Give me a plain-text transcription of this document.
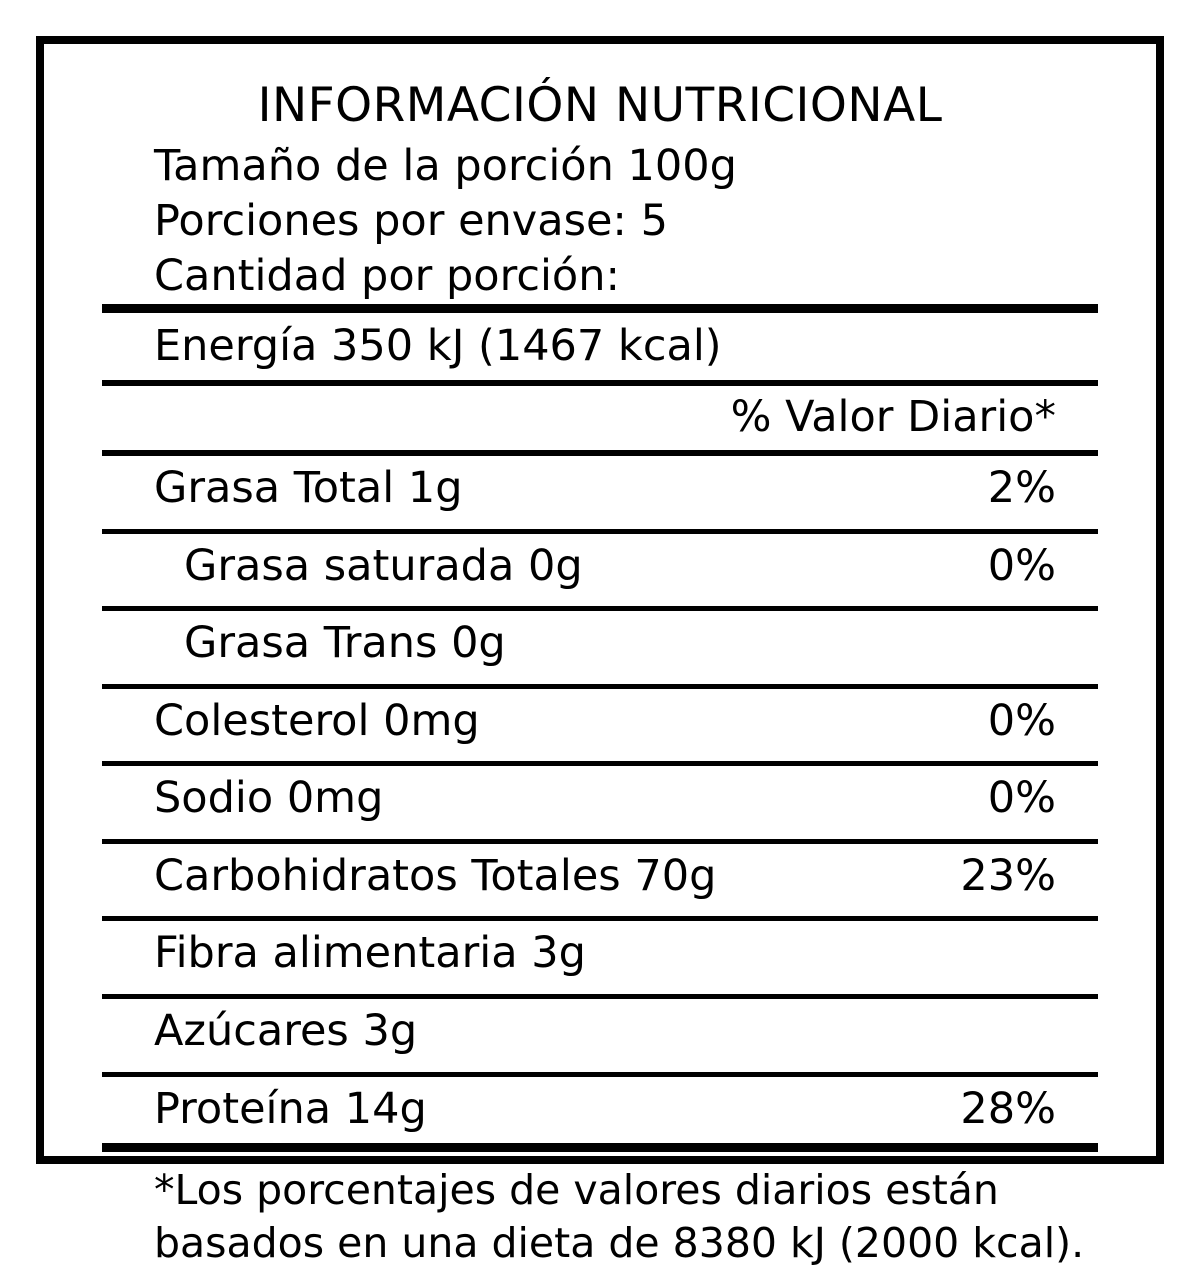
INFORMACIÓN NUTRICIONAL
Tamaño de la porción 100g
Porciones por envase: 5
Cantidad por porción:
Energía 350 kJ (1467 kcal)
% Valor Diario*
Grasa Total 1g	2%
Grasa saturada 0g	0%
Grasa Trans 0g
Colesterol 0mg	0%
Sodio 0mg	0%
Carbohidratos Totales 70g	23%
Fibra alimentaria 3g
Azúcares 3g
Proteína 14g	28%
*Los porcentajes de valores diarios están basados en una dieta de 8380 kJ (2000 kcal).
